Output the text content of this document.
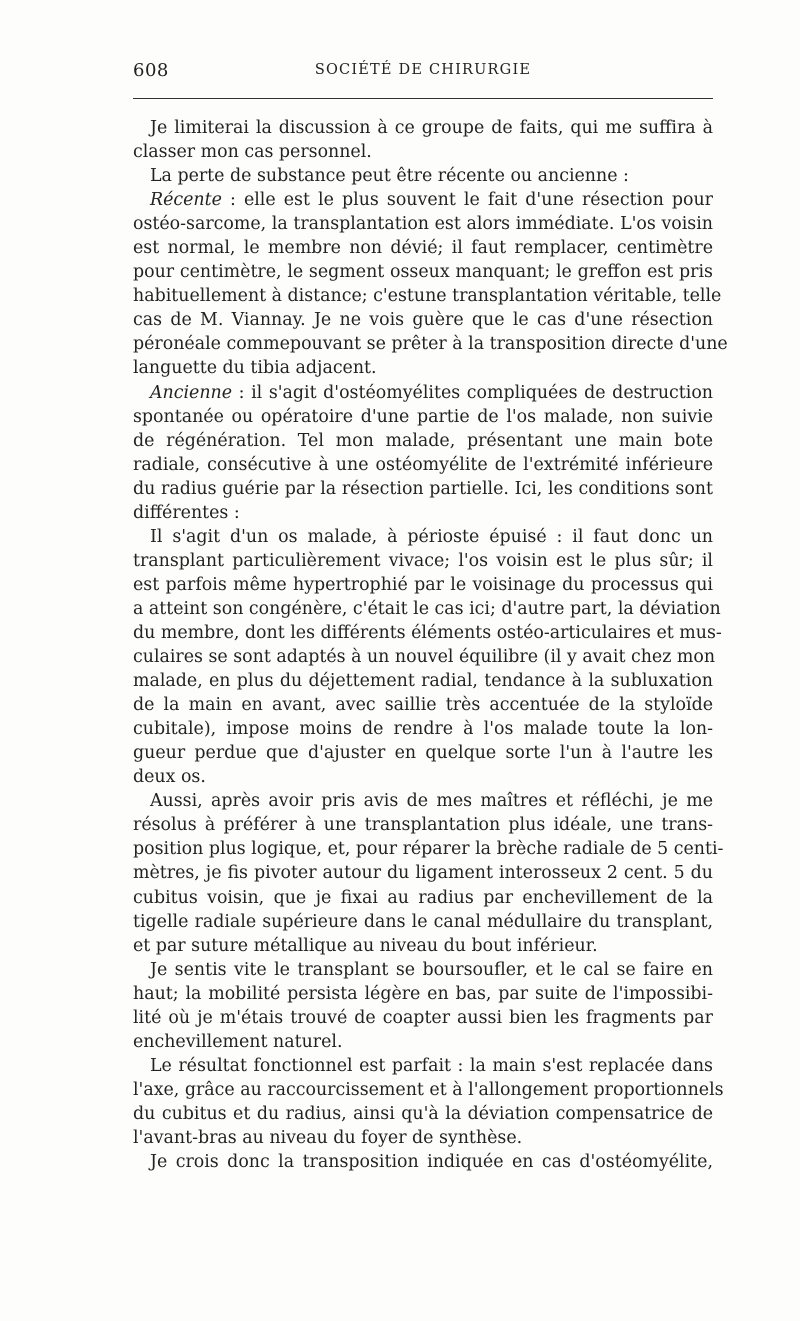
608	SOCIÉTÉ DE CHIRURGIE
Je limiterai la discussion à ce groupe de faits, qui me suffira à
classer mon cas personnel.
La perte de substance peut être récente ou ancienne :
Récente : elle est le plus souvent le fait d'une résection pour
ostéo-sarcome, la transplantation est alors immédiate. L'os voisin
est normal, le membre non dévié; il faut remplacer, centimètre
pour centimètre, le segment osseux manquant; le greffon est pris
habituellement à distance; c'estune transplantation véritable, telle
cas de M. Viannay. Je ne vois guère que le cas d'une résection
péronéale commepouvant se prêter à la transposition directe d'une
languette du tibia adjacent.
Ancienne : il s'agit d'ostéomyélites compliquées de destruction
spontanée ou opératoire d'une partie de l'os malade, non suivie
de régénération. Tel mon malade, présentant une main bote
radiale, consécutive à une ostéomyélite de l'extrémité inférieure
du radius guérie par la résection partielle. Ici, les conditions sont
différentes :
Il s'agit d'un os malade, à périoste épuisé : il faut donc un
transplant particulièrement vivace; l'os voisin est le plus sûr; il
est parfois même hypertrophié par le voisinage du processus qui
a atteint son congénère, c'était le cas ici; d'autre part, la déviation
du membre, dont les différents éléments ostéo-articulaires et mus-
culaires se sont adaptés à un nouvel équilibre (il y avait chez mon
malade, en plus du déjettement radial, tendance à la subluxation
de la main en avant, avec saillie très accentuée de la styloïde
cubitale), impose moins de rendre à l'os malade toute la lon-
gueur perdue que d'ajuster en quelque sorte l'un à l'autre les
deux os.
Aussi, après avoir pris avis de mes maîtres et réfléchi, je me
résolus à préférer à une transplantation plus idéale, une trans-
position plus logique, et, pour réparer la brèche radiale de 5 centi-
mètres, je fis pivoter autour du ligament interosseux 2 cent. 5 du
cubitus voisin, que je fixai au radius par enchevillement de la
tigelle radiale supérieure dans le canal médullaire du transplant,
et par suture métallique au niveau du bout inférieur.
Je sentis vite le transplant se boursoufler, et le cal se faire en
haut; la mobilité persista légère en bas, par suite de l'impossibi-
lité où je m'étais trouvé de coapter aussi bien les fragments par
enchevillement naturel.
Le résultat fonctionnel est parfait : la main s'est replacée dans
l'axe, grâce au raccourcissement et à l'allongement proportionnels
du cubitus et du radius, ainsi qu'à la déviation compensatrice de
l'avant-bras au niveau du foyer de synthèse.
Je crois donc la transposition indiquée en cas d'ostéomyélite,
